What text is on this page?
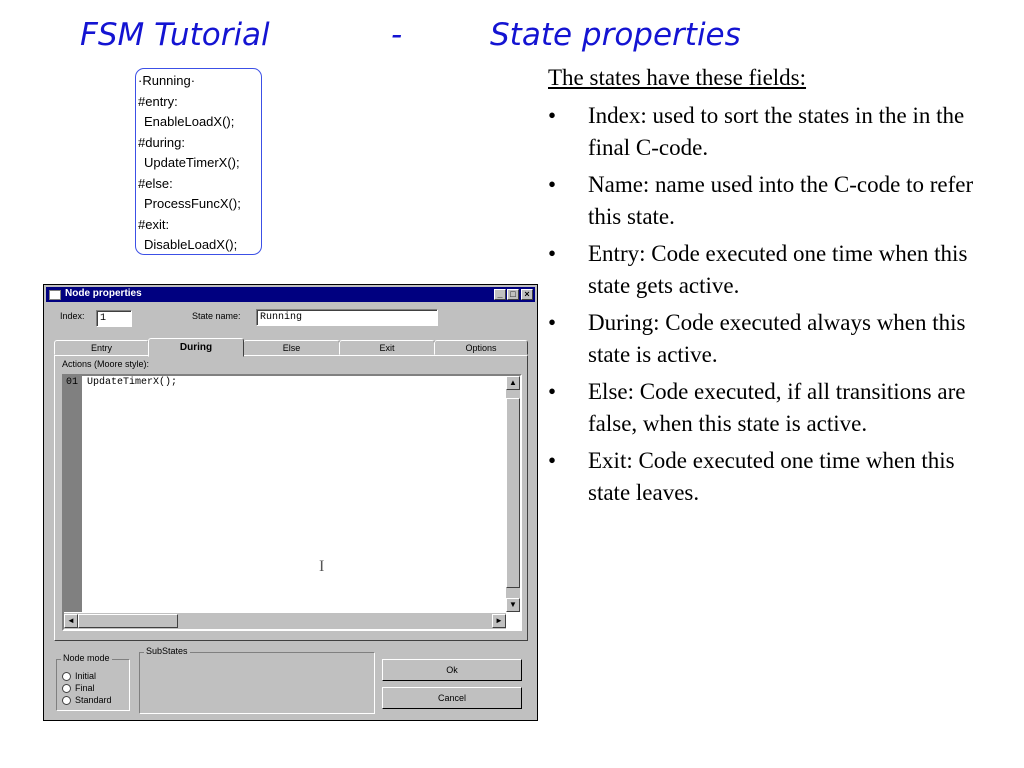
FSM Tutorial	-	State properties
·Running·
#entry:
EnableLoadX();
#during:
UpdateTimerX();
#else:
ProcessFuncX();
#exit:
DisableLoadX();
The states have these fields:
• Index: used to sort the states in the in the final C-code.
• Name: name used into the C-code to refer this state.
• Entry: Code executed one time when this state gets active.
• During: Code executed always when this state is active.
• Else: Code executed, if all transitions are false, when this state is active.
• Exit: Code executed one time when this state leaves.
Node properties	_ □ ×
Index:	1	State name:	Running
Entry	During	Else	Exit	Options
Actions (Moore style):
01 UpdateTimerX();
I
▲
▼
◄	►
Node mode
Initial
Final
Standard
SubStates
Ok
Cancel
